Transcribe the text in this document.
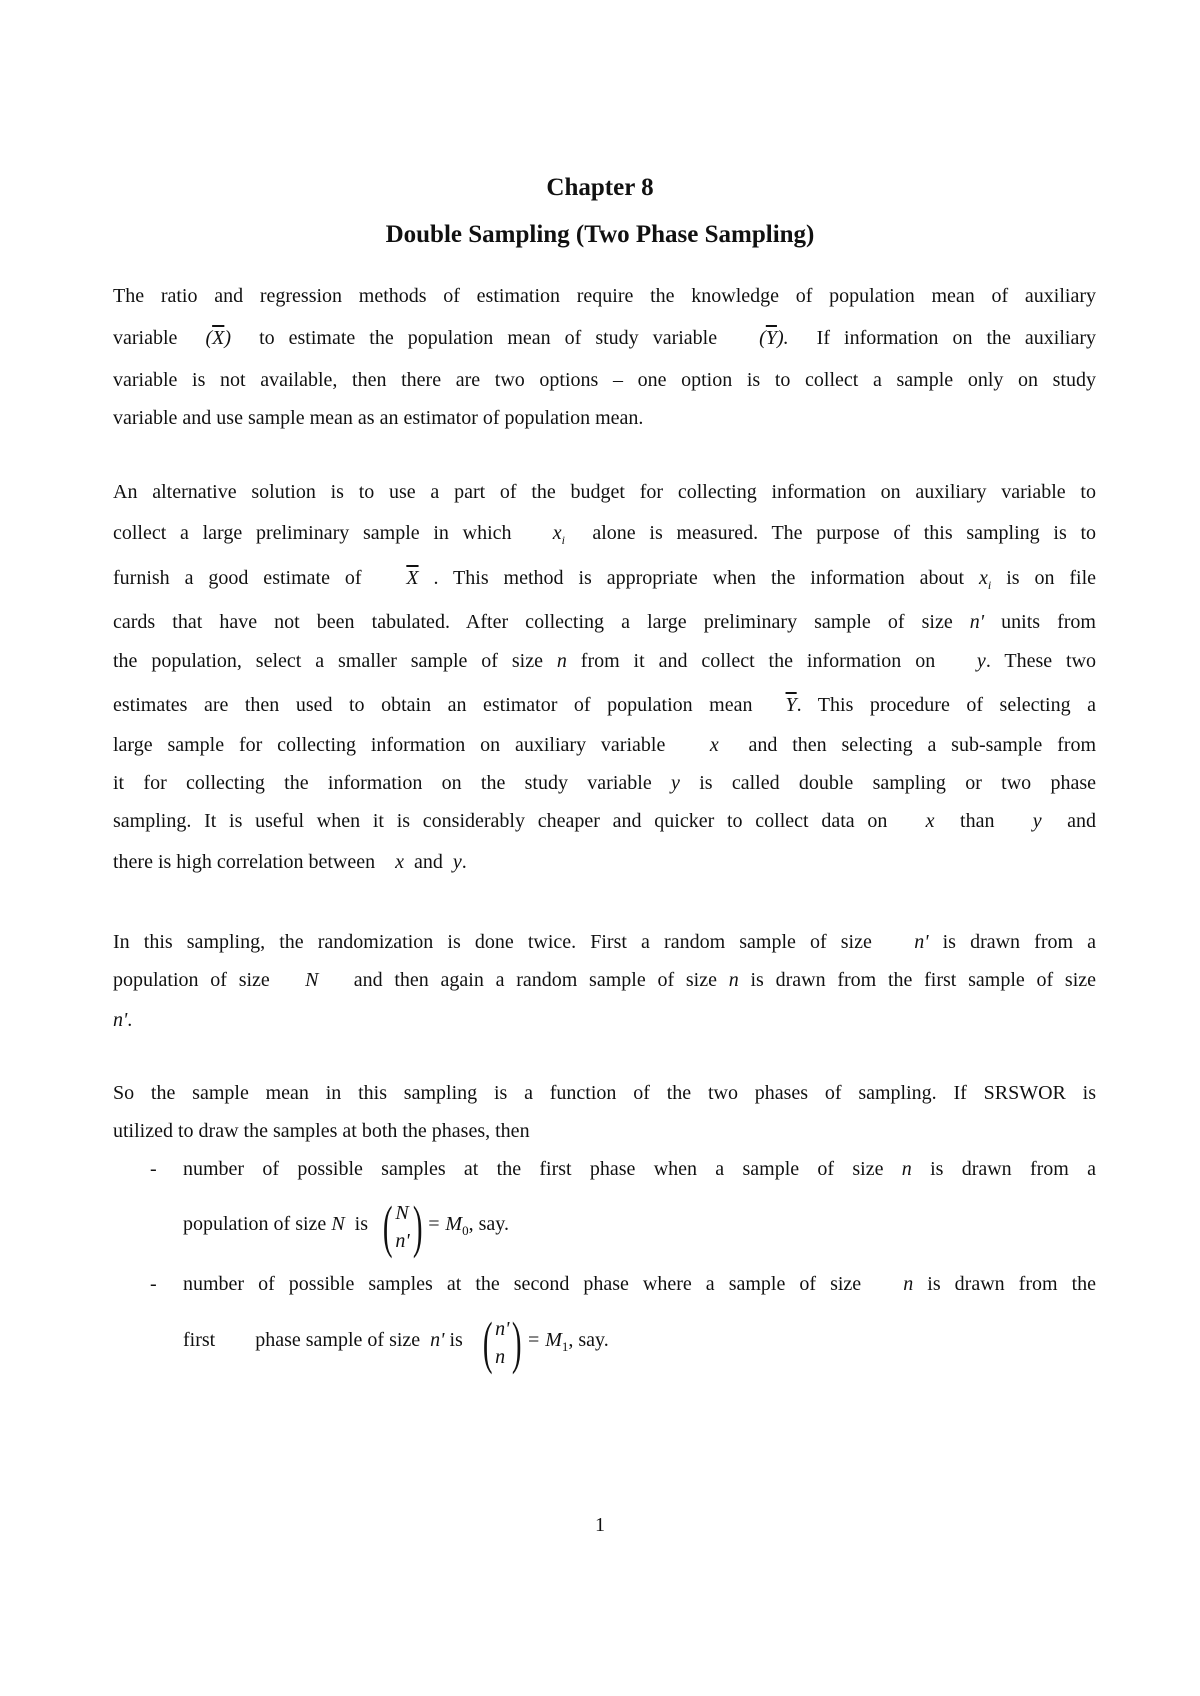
Chapter 8
Double Sampling (Two Phase Sampling)
The ratio and regression methods of estimation require the knowledge of population mean of auxiliary
variable $(\overline{X})$ to estimate the population mean of study variable $(\overline{Y})$. If information on the auxiliary
variable is not available, then there are two options – one option is to collect a sample only on study
variable and use sample mean as an estimator of population mean.
An alternative solution is to use a part of the budget for collecting information on auxiliary variable to
collect a large preliminary sample in which $x_i$ alone is measured. The purpose of this sampling is to
furnish a good estimate of $\overline{X}$ . This method is appropriate when the information about $x_i$ is on file
cards that have not been tabulated. After collecting a large preliminary sample of size n' units from
the population, select a smaller sample of size n from it and collect the information on y. These two
estimates are then used to obtain an estimator of population mean $\overline{Y}$. This procedure of selecting a
large sample for collecting information on auxiliary variable x and then selecting a sub-sample from
it for collecting the information on the study variable y is called double sampling or two phase
sampling. It is useful when it is considerably cheaper and quicker to collect data on x than y and
there is high correlation between x and y.
In this sampling, the randomization is done twice. First a random sample of size n' is drawn from a
population of size N and then again a random sample of size n is drawn from the first sample of size
n'.
So the sample mean in this sampling is a function of the two phases of sampling. If SRSWOR is
utilized to draw the samples at both the phases, then
- number of possible samples at the first phase when a sample of size n is drawn from a
population of size N is ( N
$n') = M_0$, say.
- number of possible samples at the second phase where a sample of size n is drawn from the
first phase sample of size n' is ( n'
n ) = $M_1$, say.
1
